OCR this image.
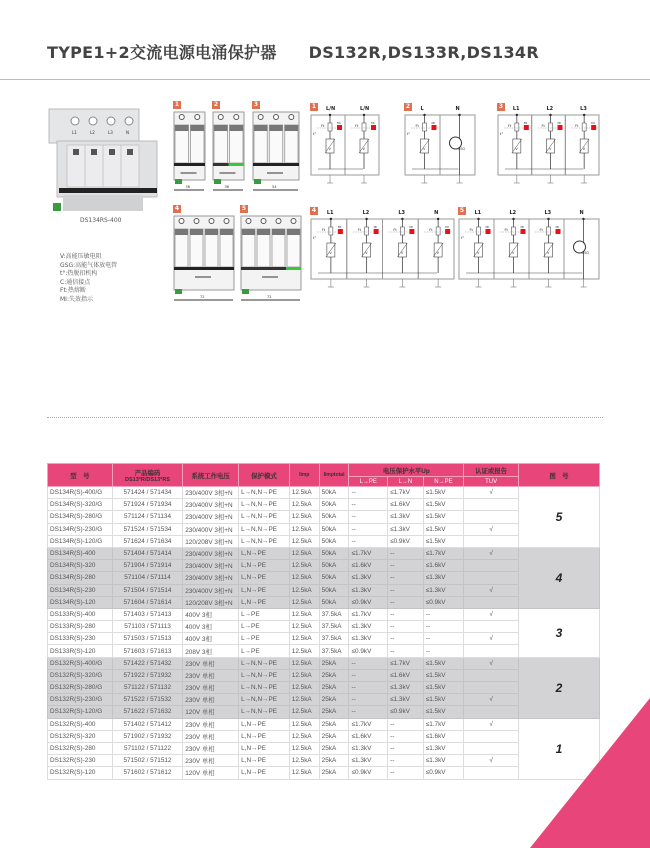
TYPE1+2交流电源电涌保护器 DS132R,DS133R,DS134R
L1	L2	L3	N
DS134RS-400
V:高能压敏电阻
GSG:高能气体放电管
t°:热脱扣机构
C:通信接点
Ft:热熔断
MI:失效指示
1
36
2
36
3
54
4
72
5
72
1	L/N
Ft
MI
V
t°
L/N
Ft
MI
V
2	L
Ft
MI
V
t°
N
GSG
3	L1
Ft
MI
V
t°
L2
Ft
MI
V
L3
Ft
MI
V
4	L1
Ft
MI
V
t°
L2
Ft
MI
V
L3
Ft
MI
V
N
Ft
MI
V
5	L1
Ft
MI
V
t°
L2
Ft
MI
V
L3
Ft
MI
V
N
GSG
型　号	产品编码
DS13*R/DS13*RS	系统工作电压	保护模式	Iimp	Iimptotal	电压保护水平Up			认证或报告	图　号
						L→PE	L→N	N→PE	TUV	
DS134R(S)-400/G	571424 / 571434	230/400V 3相+N	L→N,N→PE	12.5kA	50kA	--	≤1.7kV	≤1.5kV	√	5
DS134R(S)-320/G	571924 / 571934	230/400V 3相+N	L→N,N→PE	12.5kA	50kA	--	≤1.6kV	≤1.5kV		
DS134R(S)-280/G	571124 / 571134	230/400V 3相+N	L→N,N→PE	12.5kA	50kA	--	≤1.3kV	≤1.5kV		
DS134R(S)-230/G	571524 / 571534	230/400V 3相+N	L→N,N→PE	12.5kA	50kA	--	≤1.3kV	≤1.5kV	√	
DS134R(S)-120/G	571624 / 571634	120/208V 3相+N	L→N,N→PE	12.5kA	50kA	--	≤0.9kV	≤1.5kV		
DS134R(S)-400	571404 / 571414	230/400V 3相+N	L,N→PE	12.5kA	50kA	≤1.7kV	--	≤1.7kV	√	4
DS134R(S)-320	571904 / 571914	230/400V 3相+N	L,N→PE	12.5kA	50kA	≤1.6kV	--	≤1.6kV		
DS134R(S)-280	571104 / 571114	230/400V 3相+N	L,N→PE	12.5kA	50kA	≤1.3kV	--	≤1.3kV		
DS134R(S)-230	571504 / 571514	230/400V 3相+N	L,N→PE	12.5kA	50kA	≤1.3kV	--	≤1.3kV	√	
DS134R(S)-120	571604 / 571614	120/208V 3相+N	L,N→PE	12.5kA	50kA	≤0.9kV	--	≤0.9kV		
DS133R(S)-400	571403 / 571413	400V 3相	L→PE	12.5kA	37.5kA	≤1.7kV	--	--	√	3
DS133R(S)-280	571103 / 571113	400V 3相	L→PE	12.5kA	37.5kA	≤1.3kV	--	--		
DS133R(S)-230	571503 / 571513	400V 3相	L→PE	12.5kA	37.5kA	≤1.3kV	--	--	√	
DS133R(S)-120	571603 / 571613	208V 3相	L→PE	12.5kA	37.5kA	≤0.9kV	--	--		
DS132R(S)-400/G	571422 / 571432	230V 单相	L→N,N→PE	12.5kA	25kA	--	≤1.7kV	≤1.5kV	√	2
DS132R(S)-320/G	571922 / 571932	230V 单相	L→N,N→PE	12.5kA	25kA	--	≤1.6kV	≤1.5kV		
DS132R(S)-280/G	571122 / 571132	230V 单相	L→N,N→PE	12.5kA	25kA	--	≤1.3kV	≤1.5kV		
DS132R(S)-230/G	571522 / 571532	230V 单相	L→N,N→PE	12.5kA	25kA	--	≤1.3kV	≤1.5kV	√	
DS132R(S)-120/G	571622 / 571632	120V 单相	L→N,N→PE	12.5kA	25kA	--	≤0.9kV	≤1.5kV		
DS132R(S)-400	571402 / 571412	230V 单相	L,N→PE	12.5kA	25kA	≤1.7kV	--	≤1.7kV	√	1
DS132R(S)-320	571902 / 571932	230V 单相	L,N→PE	12.5kA	25kA	≤1.6kV	--	≤1.6kV		
DS132R(S)-280	571102 / 571122	230V 单相	L,N→PE	12.5kA	25kA	≤1.3kV	--	≤1.3kV		
DS132R(S)-230	571502 / 571512	230V 单相	L,N→PE	12.5kA	25kA	≤1.3kV	--	≤1.3kV	√	
DS132R(S)-120	571602 / 571612	120V 单相	L,N→PE	12.5kA	25kA	≤0.9kV	--	≤0.9kV		
